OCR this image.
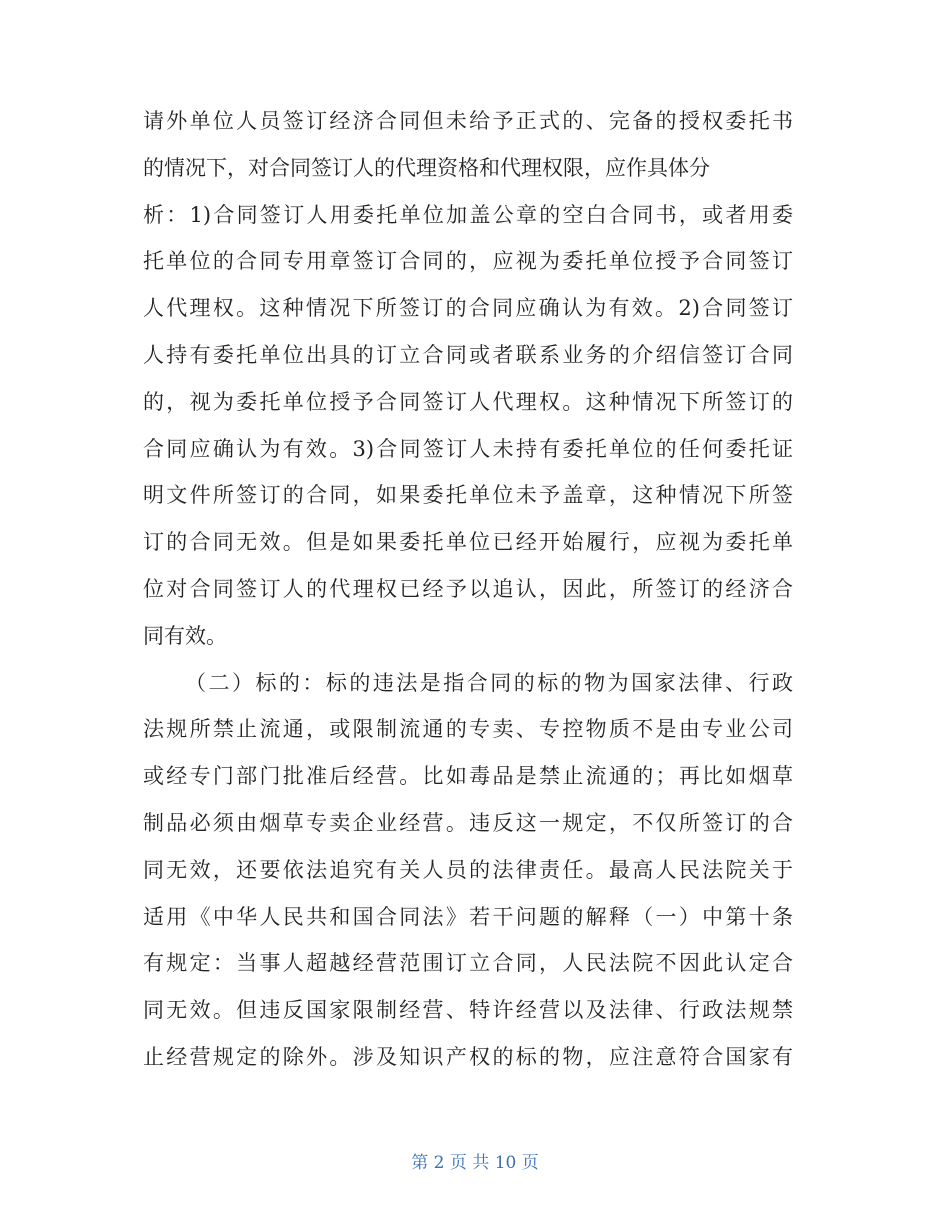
请外单位人员签订经济合同但未给予正式的、完备的授权委托书
的情况下，对合同签订人的代理资格和代理权限，应作具体分
析：1)合同签订人用委托单位加盖公章的空白合同书，或者用委
托单位的合同专用章签订合同的，应视为委托单位授予合同签订
人代理权。这种情况下所签订的合同应确认为有效。2)合同签订
人持有委托单位出具的订立合同或者联系业务的介绍信签订合同
的，视为委托单位授予合同签订人代理权。这种情况下所签订的
合同应确认为有效。3)合同签订人未持有委托单位的任何委托证
明文件所签订的合同，如果委托单位未予盖章，这种情况下所签
订的合同无效。但是如果委托单位已经开始履行，应视为委托单
位对合同签订人的代理权已经予以追认，因此，所签订的经济合
同有效。
（二）标的：标的违法是指合同的标的物为国家法律、行政
法规所禁止流通，或限制流通的专卖、专控物质不是由专业公司
或经专门部门批准后经营。比如毒品是禁止流通的；再比如烟草
制品必须由烟草专卖企业经营。违反这一规定，不仅所签订的合
同无效，还要依法追究有关人员的法律责任。最高人民法院关于
适用《中华人民共和国合同法》若干问题的解释（一）中第十条
有规定：当事人超越经营范围订立合同，人民法院不因此认定合
同无效。但违反国家限制经营、特许经营以及法律、行政法规禁
止经营规定的除外。涉及知识产权的标的物，应注意符合国家有
第 2 页 共 10 页
